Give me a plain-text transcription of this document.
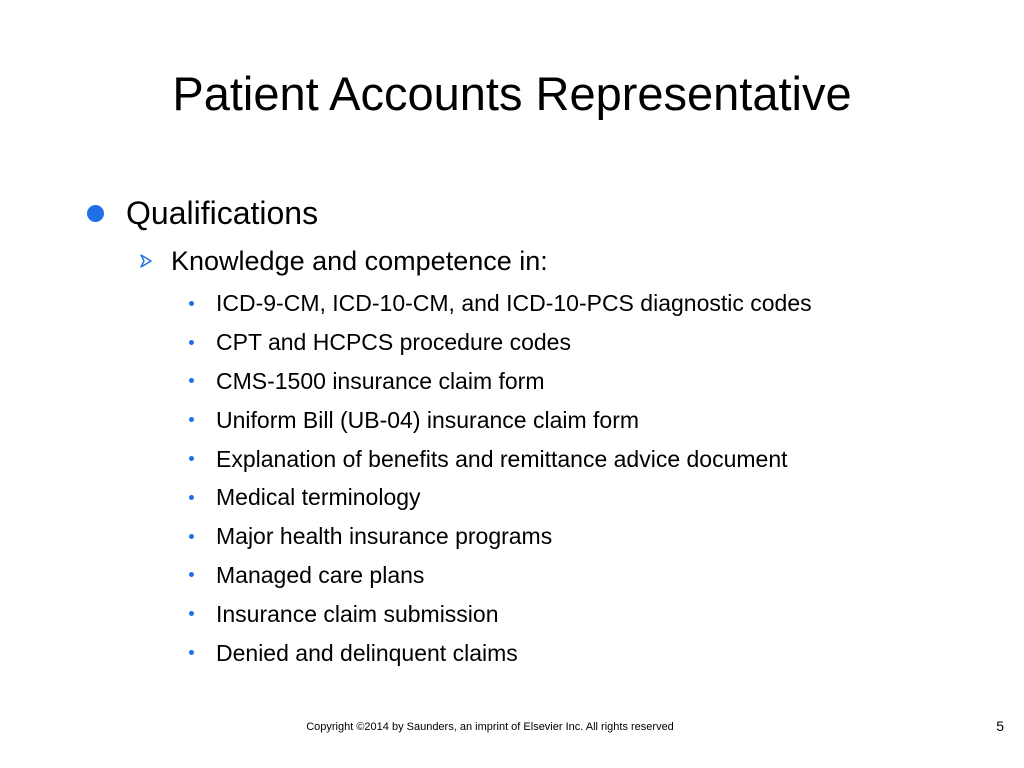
Patient Accounts Representative
Qualifications
Knowledge and competence in:
ICD-9-CM, ICD-10-CM, and ICD-10-PCS diagnostic codes
CPT and HCPCS procedure codes
CMS-1500 insurance claim form
Uniform Bill (UB-04) insurance claim form
Explanation of benefits and remittance advice document
Medical terminology
Major health insurance programs
Managed care plans
Insurance claim submission
Denied and delinquent claims
Copyright ©2014 by Saunders, an imprint of Elsevier Inc. All rights reserved	5
